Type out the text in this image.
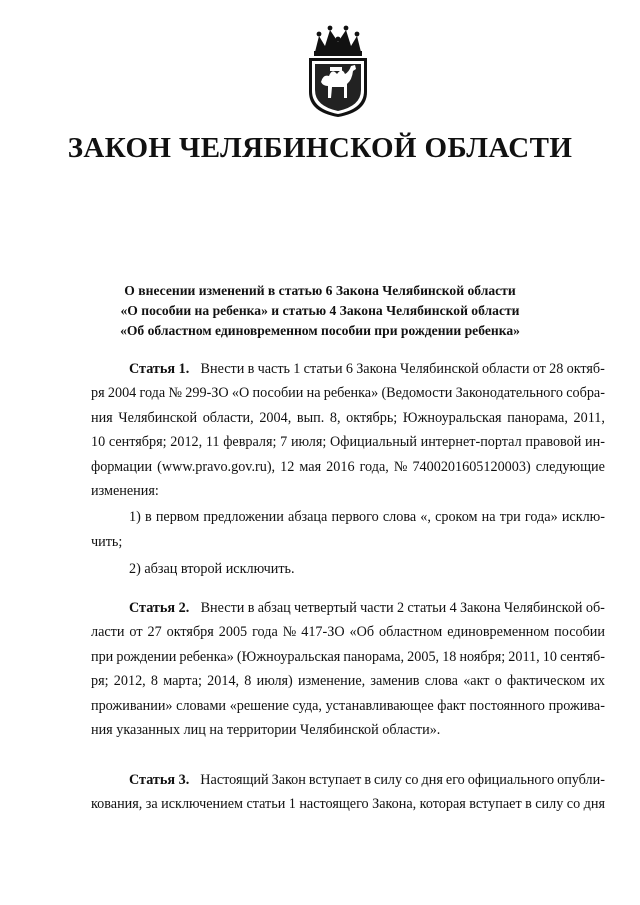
ЗАКОН ЧЕЛЯБИНСКОЙ ОБЛАСТИ
О внесении изменений в статью 6 Закона Челябинской области
«О пособии на ребенка» и статью 4 Закона Челябинской области
«Об областном единовременном пособии при рождении ребенка»
Статья 1. Внести в часть 1 статьи 6 Закона Челябинской области от 28 октяб-
ря 2004 года № 299-ЗО «О пособии на ребенка» (Ведомости Законодательного собра-
ния Челябинской области, 2004, вып. 8, октябрь; Южноуральская панорама, 2011,
10 сентября; 2012, 11 февраля; 7 июля; Официальный интернет-портал правовой ин-
формации (www.pravo.gov.ru), 12 мая 2016 года, № 7400201605120003) следующие
изменения:
1) в первом предложении абзаца первого слова «, сроком на три года» исклю-
чить;
2) абзац второй исключить.
Статья 2. Внести в абзац четвертый части 2 статьи 4 Закона Челябинской об-
ласти от 27 октября 2005 года № 417-ЗО «Об областном единовременном пособии
при рождении ребенка» (Южноуральская панорама, 2005, 18 ноября; 2011, 10 сентяб-
ря; 2012, 8 марта; 2014, 8 июля) изменение, заменив слова «акт о фактическом их
проживании» словами «решение суда, устанавливающее факт постоянного прожива-
ния указанных лиц на территории Челябинской области».
Статья 3. Настоящий Закон вступает в силу со дня его официального опубли-
кования, за исключением статьи 1 настоящего Закона, которая вступает в силу со дня
